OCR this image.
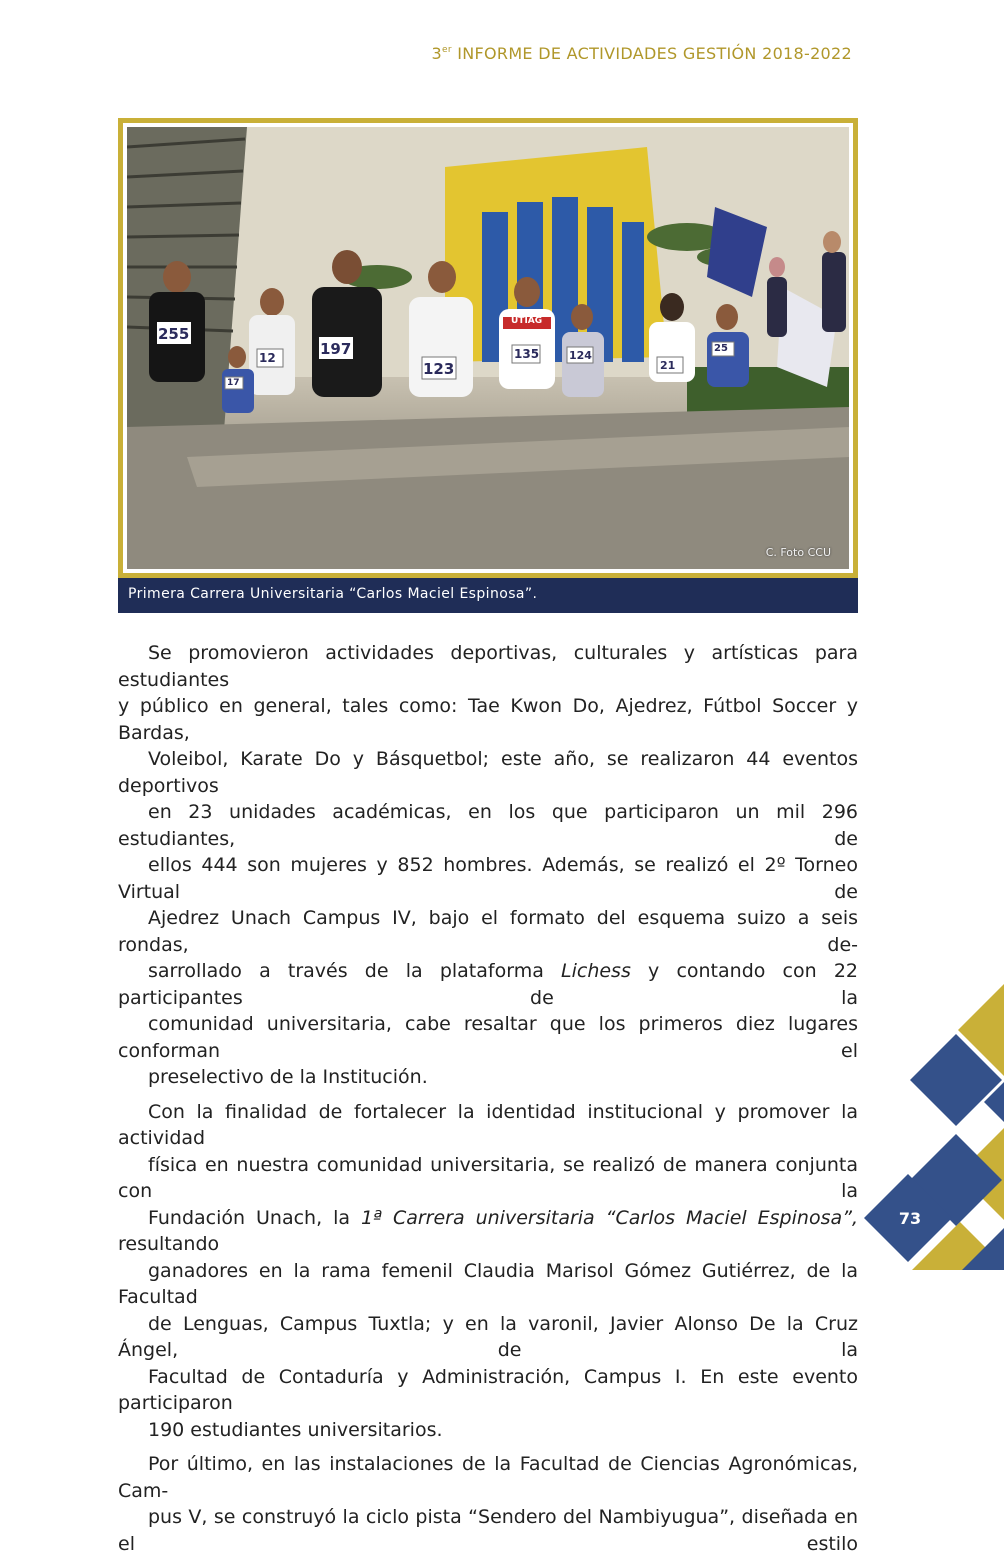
3er INFORME DE ACTIVIDADES GESTIÓN 2018-2022
255
12	197
123
135	124
21
25
17
UTIAG
C. Foto CCU
Primera Carrera Universitaria “Carlos Maciel Espinosa”.

Se promovieron actividades deportivas, culturales y artísticas para estudiantes
y público en general, tales como: Tae Kwon Do, Ajedrez, Fútbol Soccer y Bardas,
Voleibol, Karate Do y Básquetbol; este año, se realizaron 44 eventos deportivos
en 23 unidades académicas, en los que participaron un mil 296 estudiantes, de
ellos 444 son mujeres y 852 hombres. Además, se realizó el 2º Torneo Virtual de
Ajedrez Unach Campus IV, bajo el formato del esquema suizo a seis rondas, de-
sarrollado a través de la plataforma Lichess y contando con 22 participantes de la
comunidad universitaria, cabe resaltar que los primeros diez lugares conforman el
preselectivo de la Institución.

Con la finalidad de fortalecer la identidad institucional y promover la actividad
física en nuestra comunidad universitaria, se realizó de manera conjunta con la
Fundación Unach, la 1ª Carrera universitaria “Carlos Maciel Espinosa”, resultando
ganadores en la rama femenil Claudia Marisol Gómez Gutiérrez, de la Facultad
de Lenguas, Campus Tuxtla; y en la varonil, Javier Alonso De la Cruz Ángel, de la
Facultad de Contaduría y Administración, Campus I. En este evento participaron
190 estudiantes universitarios.

Por último, en las instalaciones de la Facultad de Ciencias Agronómicas, Cam-
pus V, se construyó la ciclo pista “Sendero del Nambiyugua”, diseñada en el estilo

73
